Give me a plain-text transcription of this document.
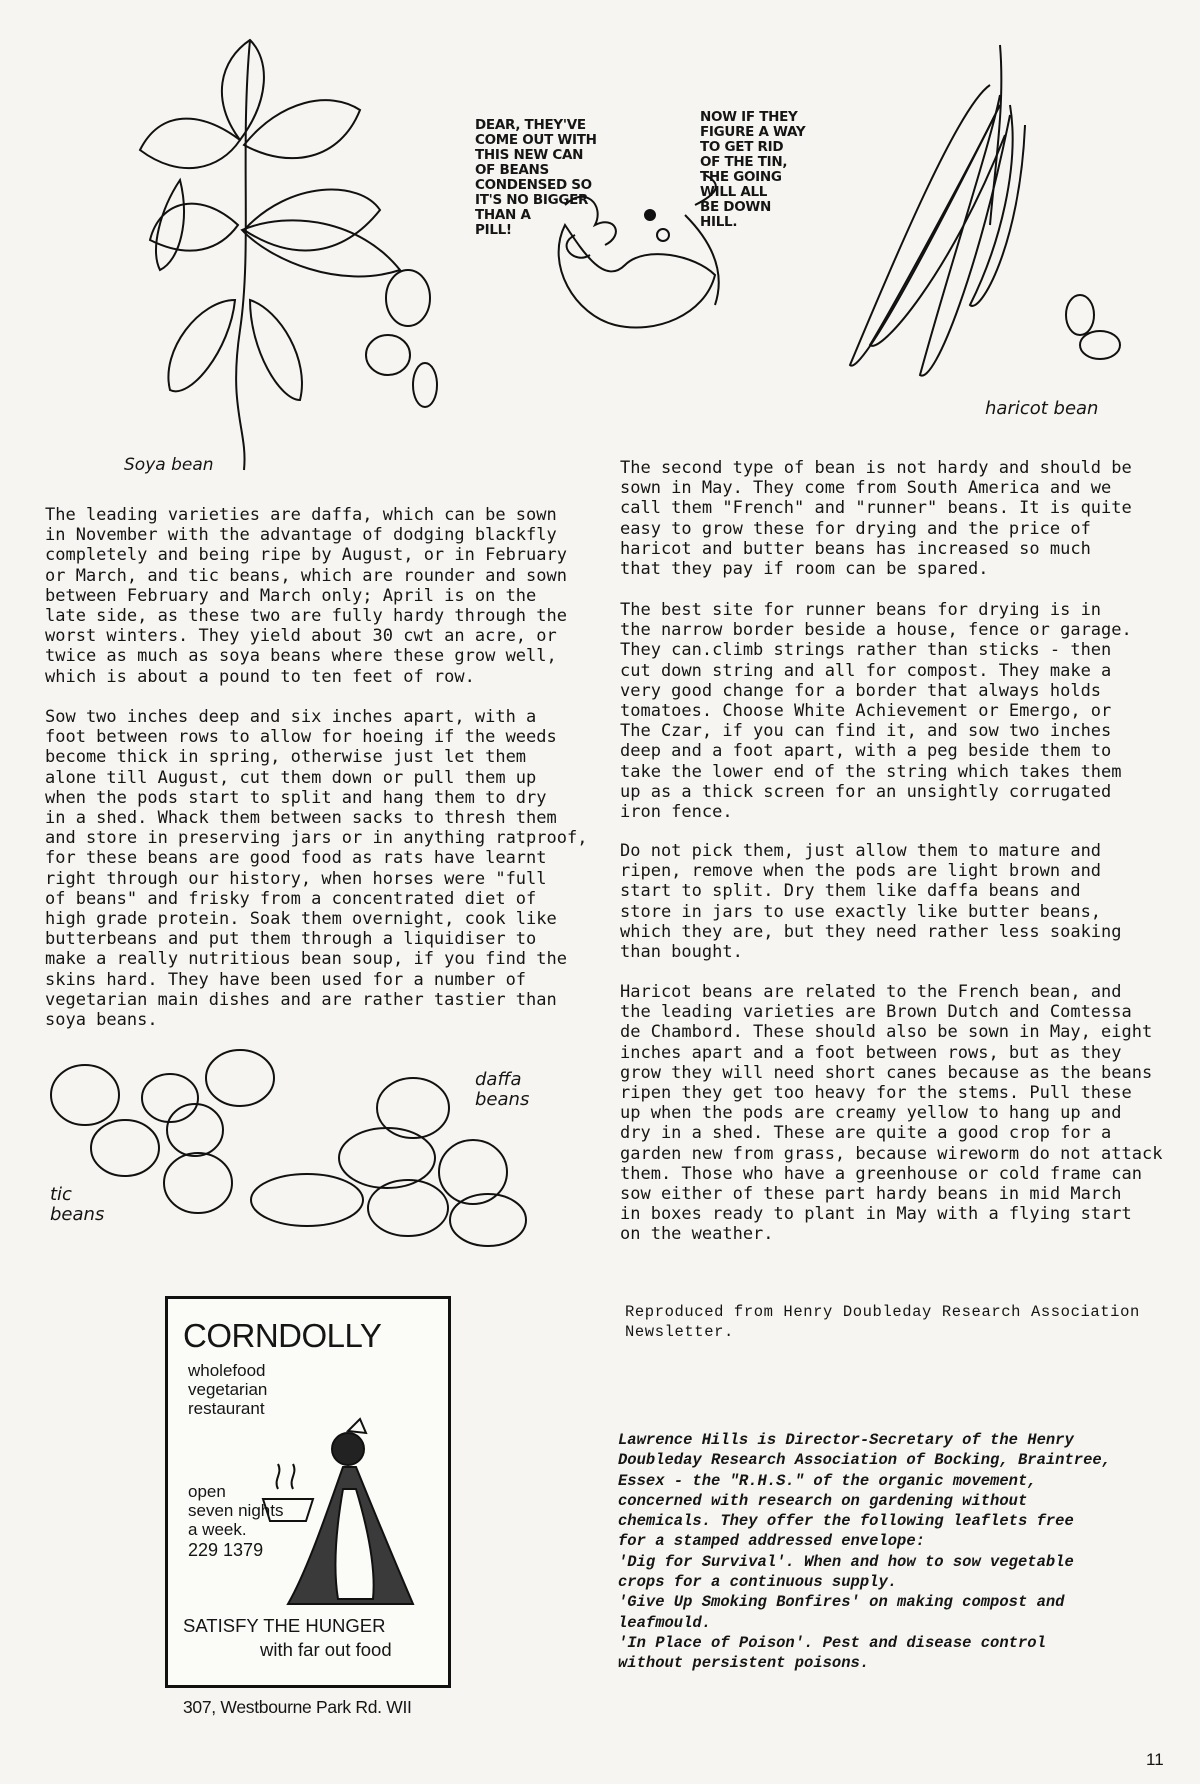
Soya bean
DEAR, THEY'VE
COME OUT WITH
THIS NEW CAN
OF BEANS
CONDENSED SO
IT'S NO BIGGER
THAN A
PILL!
NOW IF THEY
FIGURE A WAY
TO GET RID
OF THE TIN,
THE GOING
WILL ALL
BE DOWN
HILL.
haricot bean

The leading varieties are daffa, which can be sown
in November with the advantage of dodging blackfly
completely and being ripe by August, or in February
or March, and tic beans, which are rounder and sown
between February and March only; April is on the
late side, as these two are fully hardy through the
worst winters. They yield about 30 cwt an acre, or
twice as much as soya beans where these grow well,
which is about a pound to ten feet of row.

Sow two inches deep and six inches apart, with a
foot between rows to allow for hoeing if the weeds
become thick in spring, otherwise just let them
alone till August, cut them down or pull them up
when the pods start to split and hang them to dry
in a shed. Whack them between sacks to thresh them
and store in preserving jars or in anything ratproof,
for these beans are good food as rats have learnt
right through our history, when horses were "full
of beans" and frisky from a concentrated diet of
high grade protein. Soak them overnight, cook like
butterbeans and put them through a liquidiser to
make a really nutritious bean soup, if you find the
skins hard. They have been used for a number of
vegetarian main dishes and are rather tastier than
soya beans.

daffa
beans
tic
beans

The second type of bean is not hardy and should be
sown in May. They come from South America and we
call them "French" and "runner" beans. It is quite
easy to grow these for drying and the price of
haricot and butter beans has increased so much
that they pay if room can be spared.

The best site for runner beans for drying is in
the narrow border beside a house, fence or garage.
They can.climb strings rather than sticks - then
cut down string and all for compost. They make a
very good change for a border that always holds
tomatoes. Choose White Achievement or Emergo, or
The Czar, if you can find it, and sow two inches
deep and a foot apart, with a peg beside them to
take the lower end of the string which takes them
up as a thick screen for an unsightly corrugated
iron fence.

Do not pick them, just allow them to mature and
ripen, remove when the pods are light brown and
start to split. Dry them like daffa beans and
store in jars to use exactly like butter beans,
which they are, but they need rather less soaking
than bought.

Haricot beans are related to the French bean, and
the leading varieties are Brown Dutch and Comtessa
de Chambord. These should also be sown in May, eight
inches apart and a foot between rows, but as they
grow they will need short canes because as the beans
ripen they get too heavy for the stems. Pull these
up when the pods are creamy yellow to hang up and
dry in a shed. These are quite a good crop for a
garden new from grass, because wireworm do not attack
them. Those who have a greenhouse or cold frame can
sow either of these part hardy beans in mid March
in boxes ready to plant in May with a flying start
on the weather.

Reproduced from Henry Doubleday Research Association
Newsletter.

Lawrence Hills is Director-Secretary of the Henry
Doubleday Research Association of Bocking, Braintree,
Essex - the "R.H.S." of the organic movement,
concerned with research on gardening without
chemicals. They offer the following leaflets free
for a stamped addressed envelope:
'Dig for Survival'. When and how to sow vegetable
crops for a continuous supply.
'Give Up Smoking Bonfires' on making compost and
leafmould.
'In Place of Poison'. Pest and disease control
without persistent poisons.

CORNDOLLY
wholefood
vegetarian
restaurant
open
seven nights
a week.
229 1379
SATISFY THE HUNGER
with far out food
307, Westbourne Park Rd. WII
11
